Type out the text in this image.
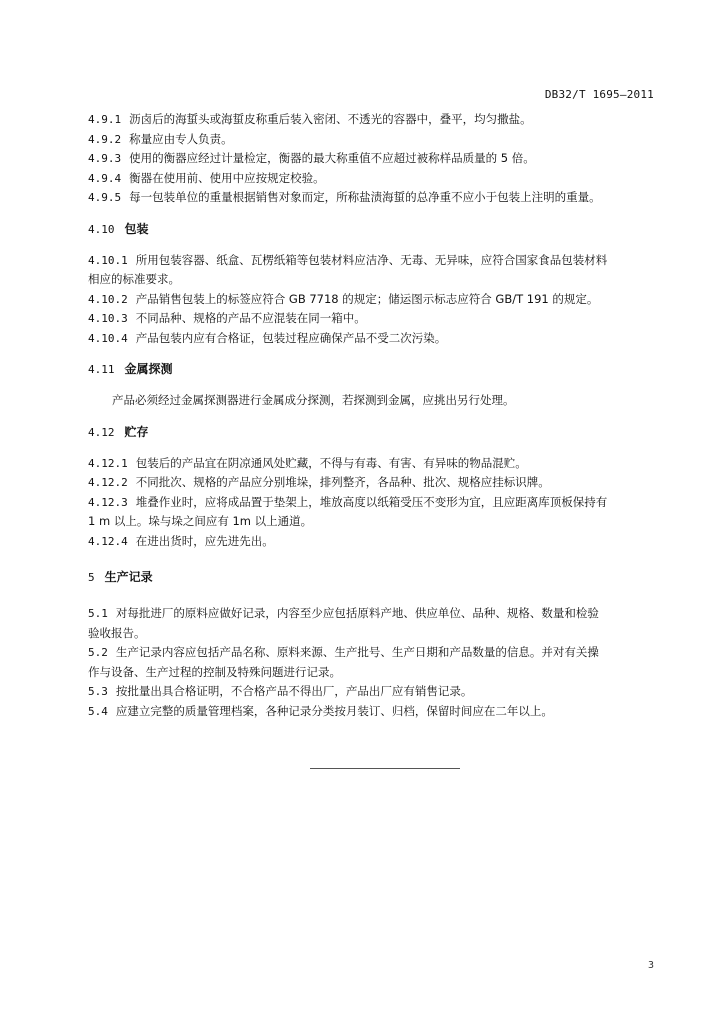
DB32/T 1695—2011
4.9.1 沥卤后的海蜇头或海蜇皮称重后装入密闭、不透光的容器中，叠平，均匀撒盐。
4.9.2 称量应由专人负责。
4.9.3 使用的衡器应经过计量检定，衡器的最大称重值不应超过被称样品质量的 5 倍。
4.9.4 衡器在使用前、使用中应按规定校验。
4.9.5 每一包装单位的重量根据销售对象而定，所称盐渍海蜇的总净重不应小于包装上注明的重量。
4.10 包装
4.10.1 所用包装容器、纸盒、瓦楞纸箱等包装材料应洁净、无毒、无异味，应符合国家食品包装材料
相应的标准要求。
4.10.2 产品销售包装上的标签应符合 GB 7718 的规定；储运图示标志应符合 GB/T 191 的规定。
4.10.3 不同品种、规格的产品不应混装在同一箱中。
4.10.4 产品包装内应有合格证，包装过程应确保产品不受二次污染。
4.11 金属探测
产品必须经过金属探测器进行金属成分探测，若探测到金属，应挑出另行处理。
4.12 贮存
4.12.1 包装后的产品宜在阴凉通风处贮藏，不得与有毒、有害、有异味的物品混贮。
4.12.2 不同批次、规格的产品应分别堆垛，排列整齐，各品种、批次、规格应挂标识牌。
4.12.3 堆叠作业时，应将成品置于垫架上，堆放高度以纸箱受压不变形为宜，且应距离库顶板保持有
1 m 以上。垛与垛之间应有 1m 以上通道。
4.12.4 在进出货时，应先进先出。
5 生产记录
5.1 对每批进厂的原料应做好记录，内容至少应包括原料产地、供应单位、品种、规格、数量和检验
验收报告。
5.2 生产记录内容应包括产品名称、原料来源、生产批号、生产日期和产品数量的信息。并对有关操
作与设备、生产过程的控制及特殊问题进行记录。
5.3 按批量出具合格证明，不合格产品不得出厂，产品出厂应有销售记录。
5.4 应建立完整的质量管理档案，各种记录分类按月装订、归档，保留时间应在二年以上。
3
